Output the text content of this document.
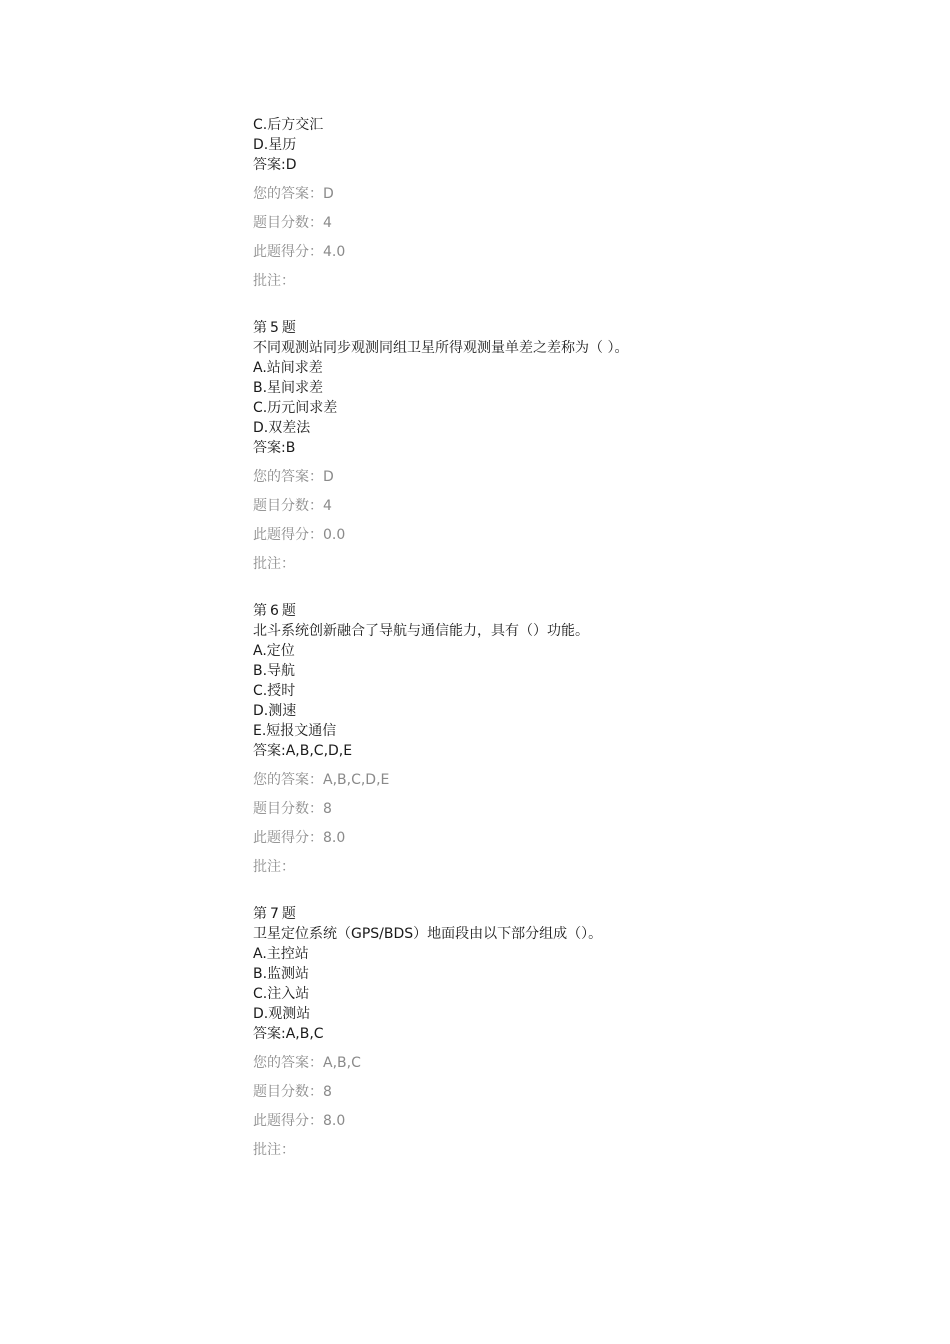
C.后方交汇
D.星历
答案:D
您的答案：D
题目分数：4
此题得分：4.0
批注：
第 5 题
不同观测站同步观测同组卫星所得观测量单差之差称为（ ）。
A.站间求差
B.星间求差
C.历元间求差
D.双差法
答案:B
您的答案：D
题目分数：4
此题得分：0.0
批注：
第 6 题
北斗系统创新融合了导航与通信能力，具有（）功能。
A.定位
B.导航
C.授时
D.测速
E.短报文通信
答案:A,B,C,D,E
您的答案：A,B,C,D,E
题目分数：8
此题得分：8.0
批注：
第 7 题
卫星定位系统（GPS/BDS）地面段由以下部分组成（）。
A.主控站
B.监测站
C.注入站
D.观测站
答案:A,B,C
您的答案：A,B,C
题目分数：8
此题得分：8.0
批注：
